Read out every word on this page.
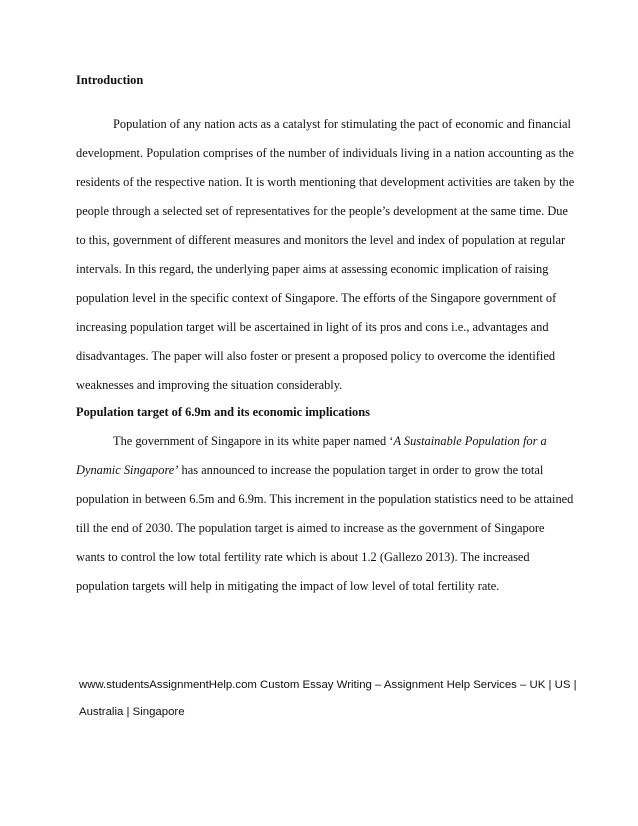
Introduction

Population of any nation acts as a catalyst for stimulating the pact of economic and financial

development. Population comprises of the number of individuals living in a nation accounting as the

residents of the respective nation. It is worth mentioning that development activities are taken by the

people through a selected set of representatives for the people’s development at the same time. Due

to this, government of different measures and monitors the level and index of population at regular

intervals. In this regard, the underlying paper aims at assessing economic implication of raising

population level in the specific context of Singapore. The efforts of the Singapore government of

increasing population target will be ascertained in light of its pros and cons i.e., advantages and

disadvantages. The paper will also foster or present a proposed policy to overcome the identified

weaknesses and improving the situation considerably.

Population target of 6.9m and its economic implications

The government of Singapore in its white paper named ‘A Sustainable Population for a

Dynamic Singapore’ has announced to increase the population target in order to grow the total

population in between 6.5m and 6.9m. This increment in the population statistics need to be attained

till the end of 2030. The population target is aimed to increase as the government of Singapore

wants to control the low total fertility rate which is about 1.2 (Gallezo 2013). The increased

population targets will help in mitigating the impact of low level of total fertility rate.

www.studentsAssignmentHelp.com Custom Essay Writing – Assignment Help Services – UK | US |
Australia | Singapore
